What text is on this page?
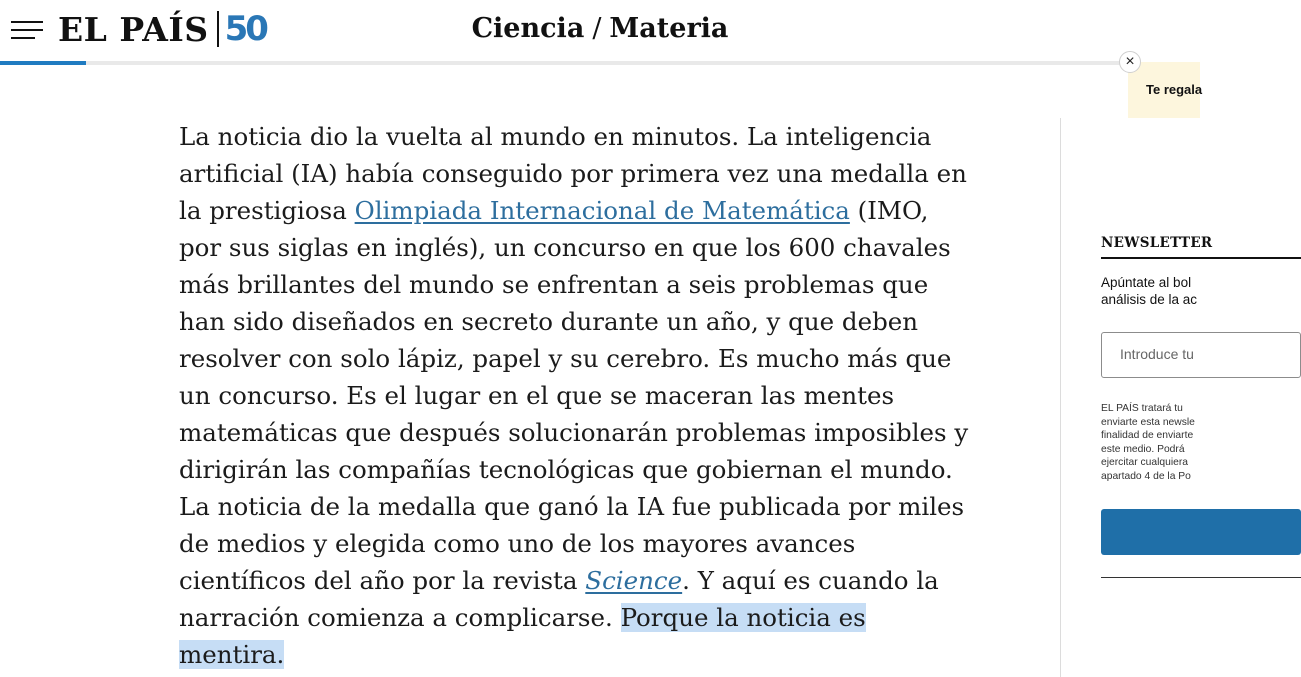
EL PAÍS 50	Ciencia / Materia
Te regala
×

La noticia dio la vuelta al mundo en minutos. La inteligencia artificial (IA) había conseguido por primera vez una medalla en la prestigiosa Olimpiada Internacional de Matemática (IMO, por sus siglas en inglés), un concurso en que los 600 chavales más brillantes del mundo se enfrentan a seis problemas que han sido diseñados en secreto durante un año, y que deben resolver con solo lápiz, papel y su cerebro. Es mucho más que un concurso. Es el lugar en el que se maceran las mentes matemáticas que después solucionarán problemas imposibles y dirigirán las compañías tecnológicas que gobiernan el mundo. La noticia de la medalla que ganó la IA fue publicada por miles de medios y elegida como uno de los mayores avances científicos del año por la revista Science. Y aquí es cuando la narración comienza a complicarse. Porque la noticia es mentira.

NEWSLETTER
Apúntate al bol
análisis de la ac
Introduce tu
EL PAÍS tratará tu
enviarte esta newsle
finalidad de enviarte
este medio. Podrá
ejercitar cualquiera
apartado 4 de la Po
